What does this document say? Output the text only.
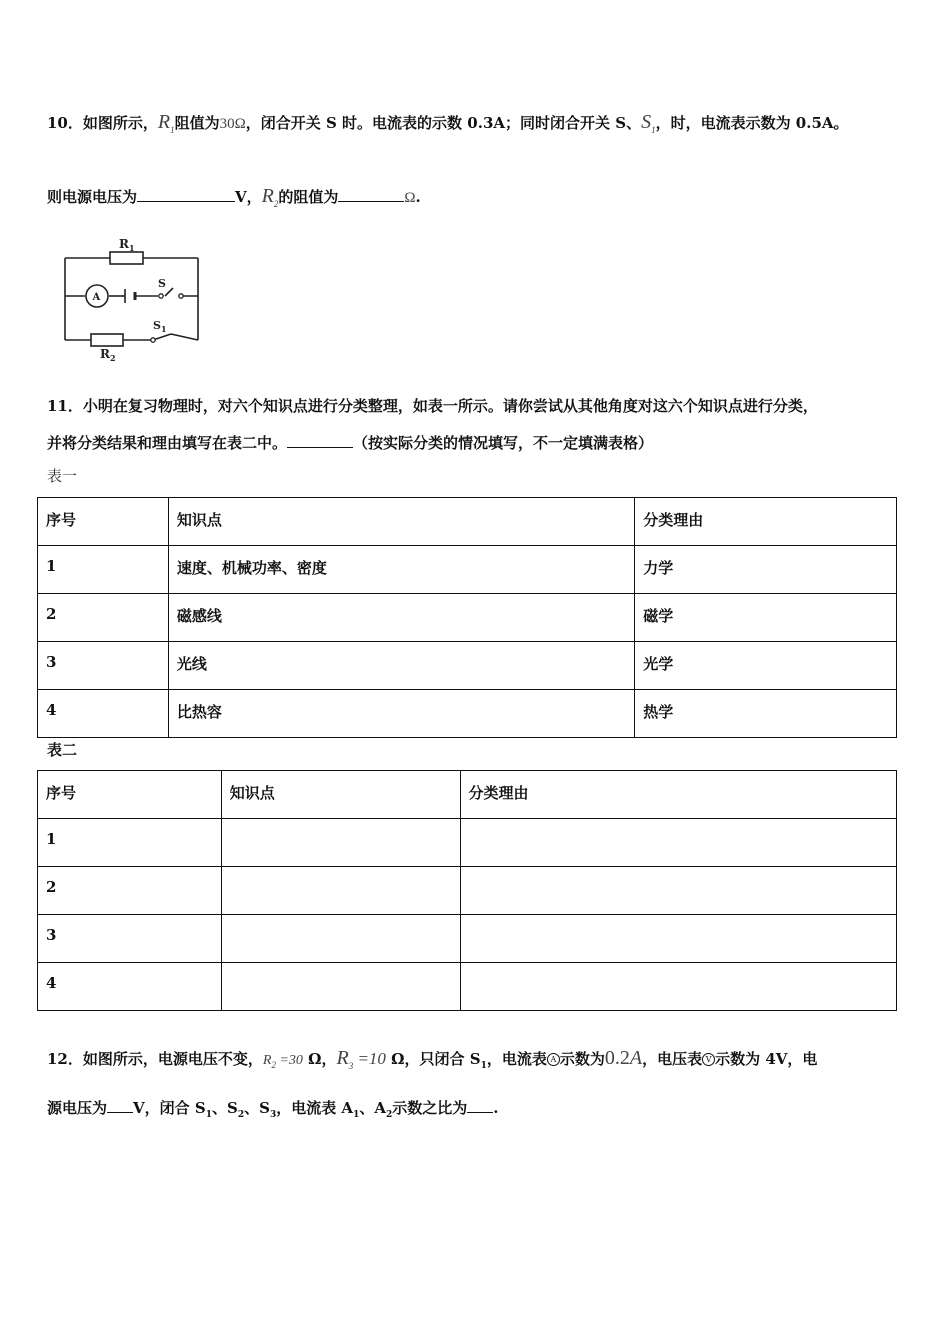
10．如图所示，$R_1$阻值为30Ω，闭合开关 S 时。电流表的示数 0.3A；同时闭合开关 S、$S_1$，时，电流表示数为 0.5A。
则电源电压为	V，$R_2$的阻值为	Ω.
$R_1$
A
S
$S_1$
$R_2$
11．小明在复习物理时，对六个知识点进行分类整理，如表一所示。请你尝试从其他角度对这六个知识点进行分类，
并将分类结果和理由填写在表二中。	（按实际分类的情况填写，不一定填满表格）
表一
序号	知识点	分类理由
1	速度、机械功率、密度	力学
2	磁感线	磁学
3	光线	光学
4	比热容	热学
表二
序号	知识点	分类理由
1		
2		
3		
4		
12．如图所示，电源电压不变，$R_2 =30$ Ω，$R_3 =10$ Ω，只闭合 $S_1$，电流表 A 示数为0.2A，电压表 V 示数为 4V，电
源电压为 V，闭合 $S_1$、$S_2$、$S_3$，电流表 $A_1$、$A_2$示数之比为 .
